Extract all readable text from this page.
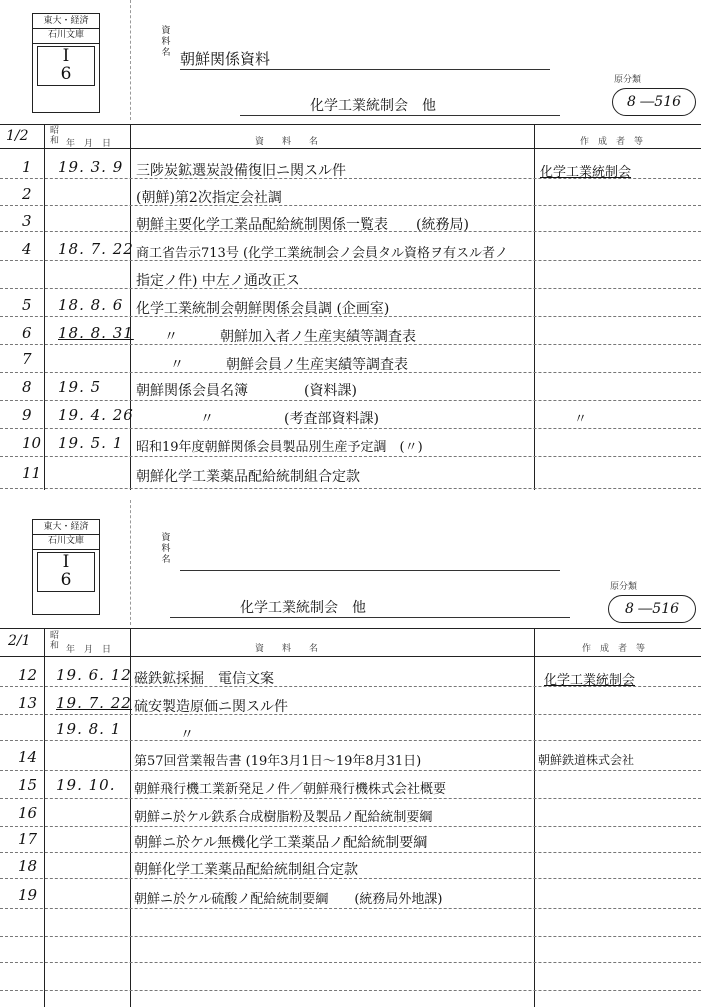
東大・経済
石川文庫
I
6
資
料
名 朝鮮関係資料
化学工業統制会　他
原分類
8 ―516
1/2 昭和 年　月　日	資　　料　　名	作　成　者　等
1 19. 3. 9 三陟炭鉱選炭設備復旧ニ関スル件	化学工業統制会
2	(朝鮮)第2次指定会社調
3	朝鮮主要化学工業品配給統制関係一覧表　　(統務局)
4 18. 7. 22 商工省告示713号 (化学工業統制会ノ会員タル資格ヲ有スル者ノ
指定ノ件) 中左ノ通改正ス
5 18. 8. 6 化学工業統制会朝鮮関係会員調 (企画室)
6 18. 8. 31 〃　　　朝鮮加入者ノ生産実績等調査表
7	〃　　　朝鮮会員ノ生産実績等調査表
8 19. 5 朝鮮関係会員名簿　　　　(資料課)
9 19. 4. 26	〃　　　　　(考査部資料課)	〃
10 19. 5. 1 昭和19年度朝鮮関係会員製品別生産予定調　(〃)
11	朝鮮化学工業薬品配給統制組合定款
東大・経済
石川文庫
I
6
資
料
名
化学工業統制会　他
原分類
8 ―516
2/1 昭和 年　月　日	資　　料　　名	作　成　者　等
12 19. 6. 12 磁鉄鉱採掘　電信文案	化学工業統制会
13 19. 7. 22 硫安製造原価ニ関スル件
19. 8. 1	〃
14	第57回営業報告書 (19年3月1日～19年8月31日)	朝鮮鉄道株式会社
15 19. 10. 朝鮮飛行機工業新発足ノ件／朝鮮飛行機株式会社概要
16	朝鮮ニ於ケル鉄系合成樹脂粉及製品ノ配給統制要綱
17	朝鮮ニ於ケル無機化学工業薬品ノ配給統制要綱
18	朝鮮化学工業薬品配給統制組合定款
19	朝鮮ニ於ケル硫酸ノ配給統制要綱　　(統務局外地課)
